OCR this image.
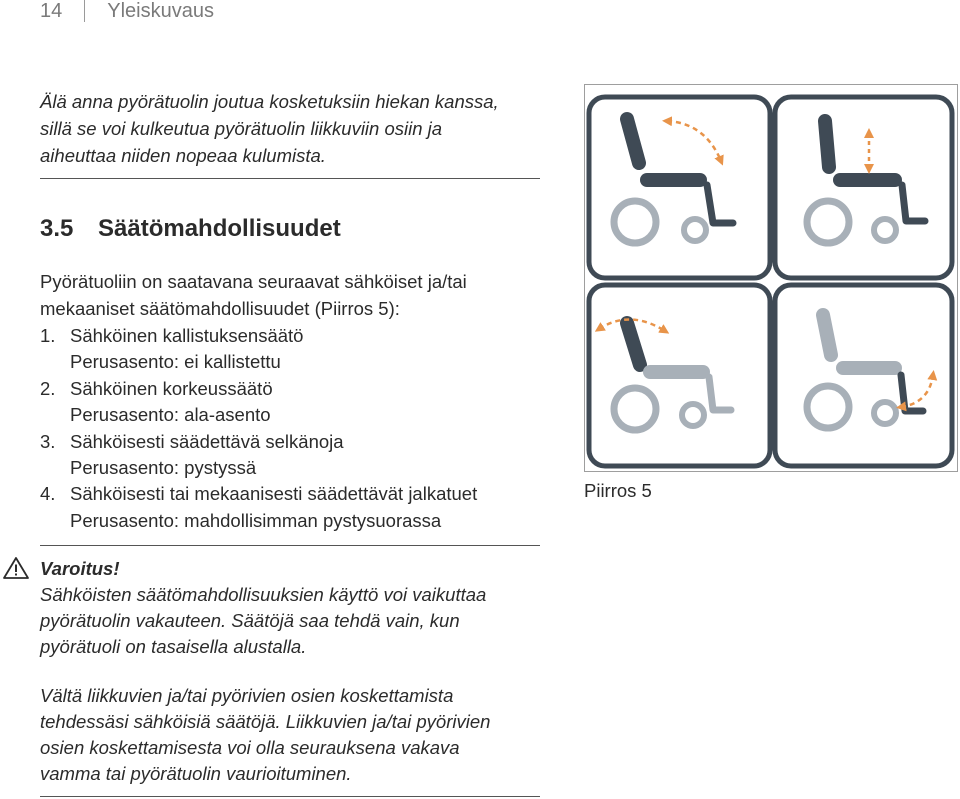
14 Yleiskuvaus
Älä anna pyörätuolin joutua kosketuksiin hiekan kanssa,
sillä se voi kulkeutua pyörätuolin liikkuviin osiin ja
aiheuttaa niiden nopeaa kulumista.
3.5 Säätömahdollisuudet
Pyörätuoliin on saatavana seuraavat sähköiset ja/tai
mekaaniset säätömahdollisuudet (Piirros 5):
1. Sähköinen kallistuksensäätö
Perusasento: ei kallistettu
2. Sähköinen korkeussäätö
Perusasento: ala-asento
3. Sähköisesti säädettävä selkänoja
Perusasento: pystyssä
4. Sähköisesti tai mekaanisesti säädettävät jalkatuet
Perusasento: mahdollisimman pystysuorassa
Varoitus!
Sähköisten säätömahdollisuuksien käyttö voi vaikuttaa
pyörätuolin vakauteen. Säätöjä saa tehdä vain, kun
pyörätuoli on tasaisella alustalla.
Vältä liikkuvien ja/tai pyörivien osien koskettamista
tehdessäsi sähköisiä säätöjä. Liikkuvien ja/tai pyörivien
osien koskettamisesta voi olla seurauksena vakava
vamma tai pyörätuolin vaurioituminen.
Piirros 5
